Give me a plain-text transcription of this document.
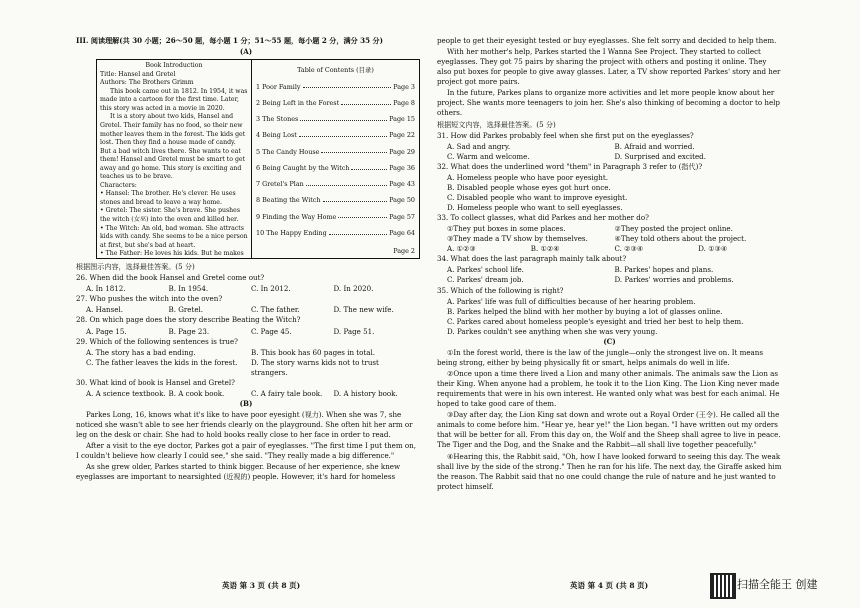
III. 阅读理解(共 30 小题；26～50 题，每小题 1 分；51～55 题，每小题 2 分，满分 35 分)

(A)

Book Introduction
Title: Hansel and Gretel
Authors: The Brothers Grimm
This book came out in 1812. In 1954, it was made into a cartoon for the first time. Later, this story was acted in a movie in 2020.
It is a story about two kids, Hansel and Gretel. Their family has no food, so their new mother leaves them in the forest. The kids get lost. Then they find a house made of candy. But a bad witch lives there. She wants to eat them! Hansel and Gretel must be smart to get away and go home. This story is exciting and teaches us to be brave.
Characters:
• Hansel: The brother. He's clever. He uses stones and bread to leave a way home.
• Gretel: The sister. She's brave. She pushes the witch (女巫) into the oven and killed her.
• The Witch: An old, bad woman. She attracts kids with candy. She seems to be a nice person at first, but she's bad at heart.
• The Father: He loves his kids. But he makes
Table of Contents (目录)
1 Poor Family	Page 3
2 Being Left in the Forest	Page 8
3 The Stones	Page 15
4 Being Lost	Page 22
5 The Candy House	Page 29
6 Being Caught by the Witch	Page 36
7 Gretel's Plan	Page 43
8 Beating the Witch	Page 50
9 Finding the Way Home	Page 57
10 The Happy Ending	Page 64
Page 2

根据图示内容，选择最佳答案。(5 分)

26. When did the book Hansel and Gretel come out?

A. In 1812.	B. In 1954.	C. In 2012.	D. In 2020.

27. Who pushes the witch into the oven?

A. Hansel.	B. Gretel.	C. The father.	D. The new wife.

28. On which page does the story describe Beating the Witch?

A. Page 15.	B. Page 23.	C. Page 45.	D. Page 51.

29. Which of the following sentences is true?

A. The story has a bad ending.	B. This book has 60 pages in total.
C. The father leaves the kids in the forest.	D. The story warns kids not to trust strangers.

30. What kind of book is Hansel and Gretel?

A. A science textbook. B. A cook book.	C. A fairy tale book.	D. A history book.

(B)

Parkes Long, 16, knows what it's like to have poor eyesight (视力). When she was 7, she noticed she wasn't able to see her friends clearly on the playground. She often hit her arm or leg on the desk or chair. She had to hold books really close to her face in order to read.

After a visit to the eye doctor, Parkes got a pair of eyeglasses. "The first time I put them on, I couldn't believe how clearly I could see," she said. "They really made a big difference."

As she grew older, Parkes started to think bigger. Because of her experience, she knew eyeglasses are important to nearsighted (近视的) people. However, it's hard for homeless

people to get their eyesight tested or buy eyeglasses. She felt sorry and decided to help them.

With her mother's help, Parkes started the I Wanna See Project. They started to collect eyeglasses. They got 75 pairs by sharing the project with others and posting it online. They also put boxes for people to give away glasses. Later, a TV show reported Parkes' story and her project got more pairs.

In the future, Parkes plans to organize more activities and let more people know about her project. She wants more teenagers to join her. She's also thinking of becoming a doctor to help others.

根据短文内容，选择最佳答案。(5 分)

31. How did Parkes probably feel when she first put on the eyeglasses?

A. Sad and angry.	B. Afraid and worried.
C. Warm and welcome.	D. Surprised and excited.

32. What does the underlined word "them" in Paragraph 3 refer to (指代)?

A. Homeless people who have poor eyesight.
B. Disabled people whose eyes got hurt once.
C. Disabled people who want to improve eyesight.
D. Homeless people who want to sell eyeglasses.

33. To collect glasses, what did Parkes and her mother do?

①They put boxes in some places.	②They posted the project online.
③They made a TV show by themselves.	④They told others about the project.
A. ①②③	B. ①②④	C. ②③④	D. ①③④

34. What does the last paragraph mainly talk about?

A. Parkes' school life.	B. Parkes' hopes and plans.
C. Parkes' dream job.	D. Parkes' worries and problems.

35. Which of the following is right?

A. Parkes' life was full of difficulties because of her hearing problem.
B. Parkes helped the blind with her mother by buying a lot of glasses online.
C. Parkes cared about homeless people's eyesight and tried her best to help them.
D. Parkes couldn't see anything when she was very young.

(C)

①In the forest world, there is the law of the jungle—only the strongest live on. It means being strong, either by being physically fit or smart, helps animals do well in life.

②Once upon a time there lived a Lion and many other animals. The animals saw the Lion as their King. When anyone had a problem, he took it to the Lion King. The Lion King never made requirements that were in his own interest. He wanted only what was best for each animal. He hoped to take good care of them.

③Day after day, the Lion King sat down and wrote out a Royal Order (王令). He called all the animals to come before him. "Hear ye, hear ye!" the Lion began. "I have written out my orders that will be better for all. From this day on, the Wolf and the Sheep shall agree to live in peace. The Tiger and the Dog, and the Snake and the Rabbit—all shall live together peacefully."

④Hearing this, the Rabbit said, "Oh, how I have looked forward to seeing this day. The weak shall live by the side of the strong." Then he ran for his life. The next day, the Giraffe asked him the reason. The Rabbit said that no one could change the rule of nature and he just wanted to protect himself.

英语 第 3 页 (共 8 页)	英语 第 4 页 (共 8 页)	扫描全能王 创建
